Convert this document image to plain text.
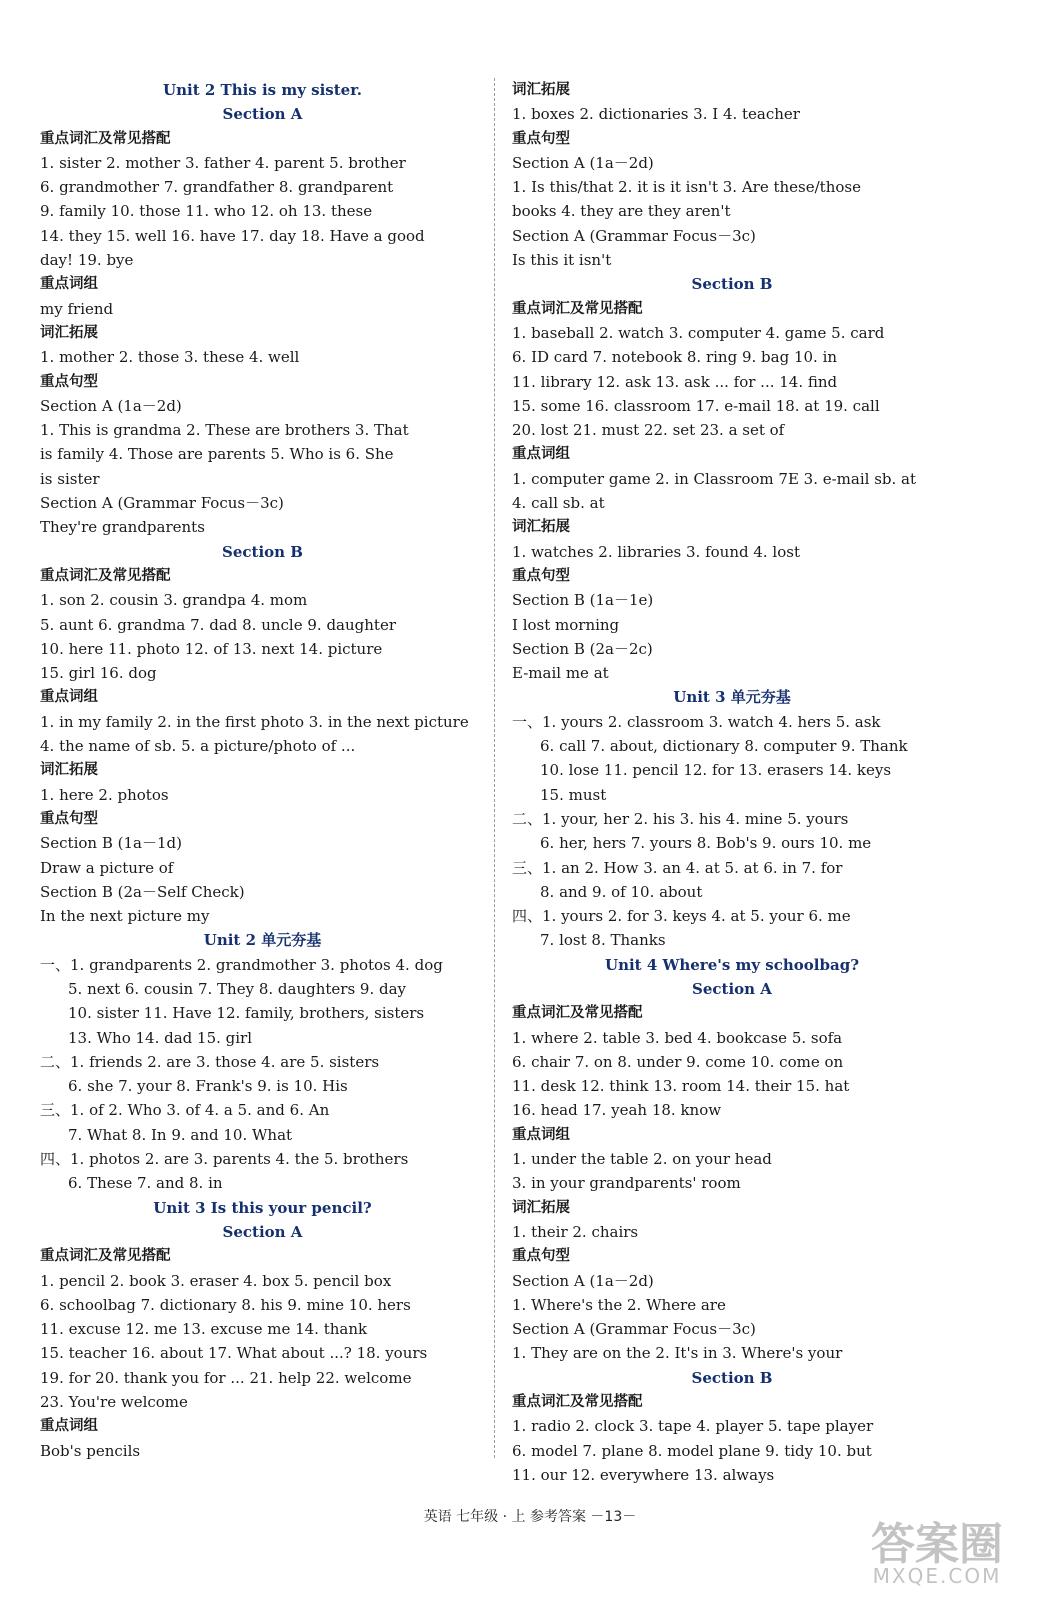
Unit 2 This is my sister.
Section A
重点词汇及常见搭配
1. sister 2. mother 3. father 4. parent 5. brother
6. grandmother 7. grandfather 8. grandparent
9. family 10. those 11. who 12. oh 13. these
14. they 15. well 16. have 17. day 18. Have a good
day! 19. bye
重点词组
my friend
词汇拓展
1. mother 2. those 3. these 4. well
重点句型
Section A (1a－2d)
1. This is grandma 2. These are brothers 3. That
is family 4. Those are parents 5. Who is 6. She
is sister
Section A (Grammar Focus－3c)
They're grandparents
Section B
重点词汇及常见搭配
1. son 2. cousin 3. grandpa 4. mom
5. aunt 6. grandma 7. dad 8. uncle 9. daughter
10. here 11. photo 12. of 13. next 14. picture
15. girl 16. dog
重点词组
1. in my family 2. in the first photo 3. in the next picture
4. the name of sb. 5. a picture/photo of ...
词汇拓展
1. here 2. photos
重点句型
Section B (1a－1d)
Draw a picture of
Section B (2a－Self Check)
In the next picture my
Unit 2 单元夯基
一、1. grandparents 2. grandmother 3. photos 4. dog
5. next 6. cousin 7. They 8. daughters 9. day
10. sister 11. Have 12. family, brothers, sisters
13. Who 14. dad 15. girl
二、1. friends 2. are 3. those 4. are 5. sisters
6. she 7. your 8. Frank's 9. is 10. His
三、1. of 2. Who 3. of 4. a 5. and 6. An
7. What 8. In 9. and 10. What
四、1. photos 2. are 3. parents 4. the 5. brothers
6. These 7. and 8. in
Unit 3 Is this your pencil?
Section A
重点词汇及常见搭配
1. pencil 2. book 3. eraser 4. box 5. pencil box
6. schoolbag 7. dictionary 8. his 9. mine 10. hers
11. excuse 12. me 13. excuse me 14. thank
15. teacher 16. about 17. What about ...? 18. yours
19. for 20. thank you for ... 21. help 22. welcome
23. You're welcome
重点词组
Bob's pencils
词汇拓展
1. boxes 2. dictionaries 3. I 4. teacher
重点句型
Section A (1a－2d)
1. Is this/that 2. it is it isn't 3. Are these/those
books 4. they are they aren't
Section A (Grammar Focus－3c)
Is this it isn't
Section B
重点词汇及常见搭配
1. baseball 2. watch 3. computer 4. game 5. card
6. ID card 7. notebook 8. ring 9. bag 10. in
11. library 12. ask 13. ask ... for ... 14. find
15. some 16. classroom 17. e-mail 18. at 19. call
20. lost 21. must 22. set 23. a set of
重点词组
1. computer game 2. in Classroom 7E 3. e-mail sb. at
4. call sb. at
词汇拓展
1. watches 2. libraries 3. found 4. lost
重点句型
Section B (1a－1e)
I lost morning
Section B (2a－2c)
E-mail me at
Unit 3 单元夯基
一、1. yours 2. classroom 3. watch 4. hers 5. ask
6. call 7. about, dictionary 8. computer 9. Thank
10. lose 11. pencil 12. for 13. erasers 14. keys
15. must
二、1. your, her 2. his 3. his 4. mine 5. yours
6. her, hers 7. yours 8. Bob's 9. ours 10. me
三、1. an 2. How 3. an 4. at 5. at 6. in 7. for
8. and 9. of 10. about
四、1. yours 2. for 3. keys 4. at 5. your 6. me
7. lost 8. Thanks
Unit 4 Where's my schoolbag?
Section A
重点词汇及常见搭配
1. where 2. table 3. bed 4. bookcase 5. sofa
6. chair 7. on 8. under 9. come 10. come on
11. desk 12. think 13. room 14. their 15. hat
16. head 17. yeah 18. know
重点词组
1. under the table 2. on your head
3. in your grandparents' room
词汇拓展
1. their 2. chairs
重点句型
Section A (1a－2d)
1. Where's the 2. Where are
Section A (Grammar Focus－3c)
1. They are on the 2. It's in 3. Where's your
Section B
重点词汇及常见搭配
1. radio 2. clock 3. tape 4. player 5. tape player
6. model 7. plane 8. model plane 9. tidy 10. but
11. our 12. everywhere 13. always
英语 七年级 · 上 参考答案 －13－
答案圈
MXQE.COM
